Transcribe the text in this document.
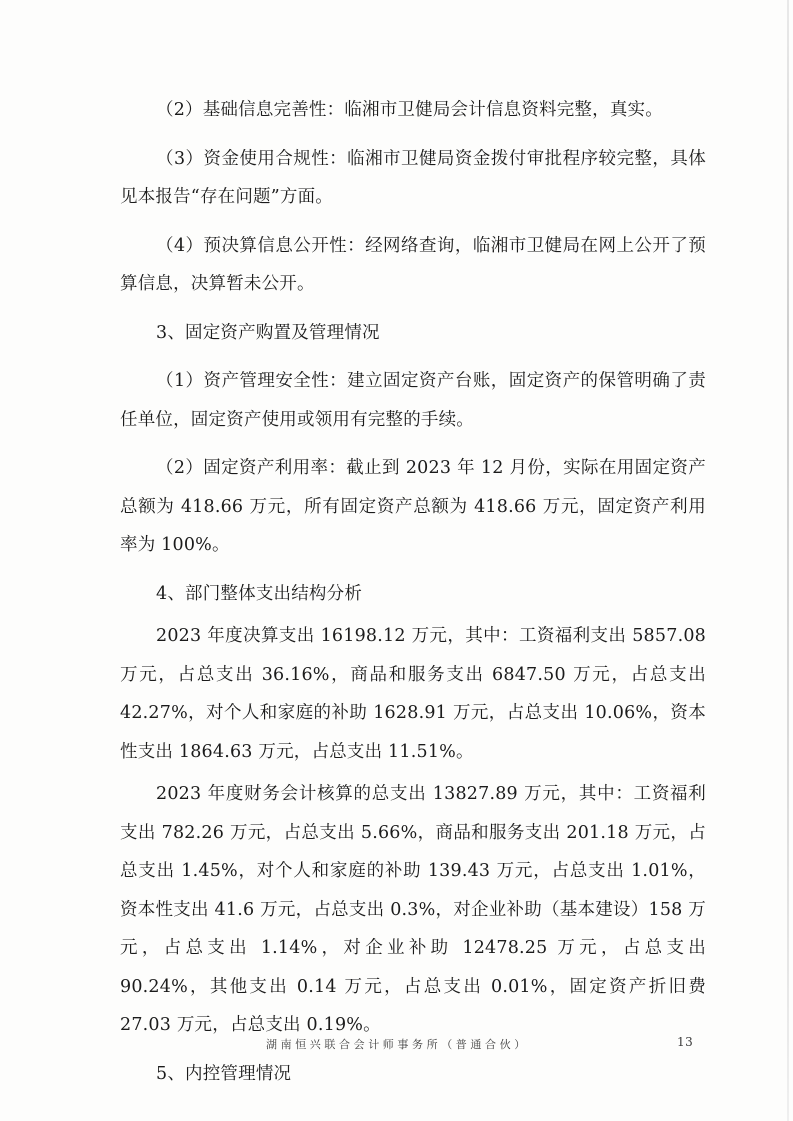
（2）基础信息完善性：临湘市卫健局会计信息资料完整，真实。

（3）资金使用合规性：临湘市卫健局资金拨付审批程序较完整，具体见本报告“存在问题”方面。

（4）预决算信息公开性：经网络查询，临湘市卫健局在网上公开了预算信息，决算暂未公开。

3、固定资产购置及管理情况

（1）资产管理安全性：建立固定资产台账，固定资产的保管明确了责任单位，固定资产使用或领用有完整的手续。

（2）固定资产利用率：截止到 2023 年 12 月份，实际在用固定资产总额为 418.66 万元，所有固定资产总额为 418.66 万元，固定资产利用率为 100%。

4、部门整体支出结构分析

2023 年度决算支出 16198.12 万元，其中：工资福利支出 5857.08 万元，占总支出 36.16%，商品和服务支出 6847.50 万元，占总支出 42.27%，对个人和家庭的补助 1628.91 万元，占总支出 10.06%，资本性支出 1864.63 万元，占总支出 11.51%。

2023 年度财务会计核算的总支出 13827.89 万元，其中：工资福利支出 782.26 万元，占总支出 5.66%，商品和服务支出 201.18 万元，占总支出 1.45%，对个人和家庭的补助 139.43 万元，占总支出 1.01%，资本性支出 41.6 万元，占总支出 0.3%，对企业补助（基本建设）158 万元，占总支出 1.14%，对企业补助 12478.25 万元，占总支出 90.24%，其他支出 0.14 万元，占总支出 0.01%，固定资产折旧费 27.03 万元，占总支出 0.19%。

5、内控管理情况

湖南恒兴联合会计师事务所（普通合伙）	13
